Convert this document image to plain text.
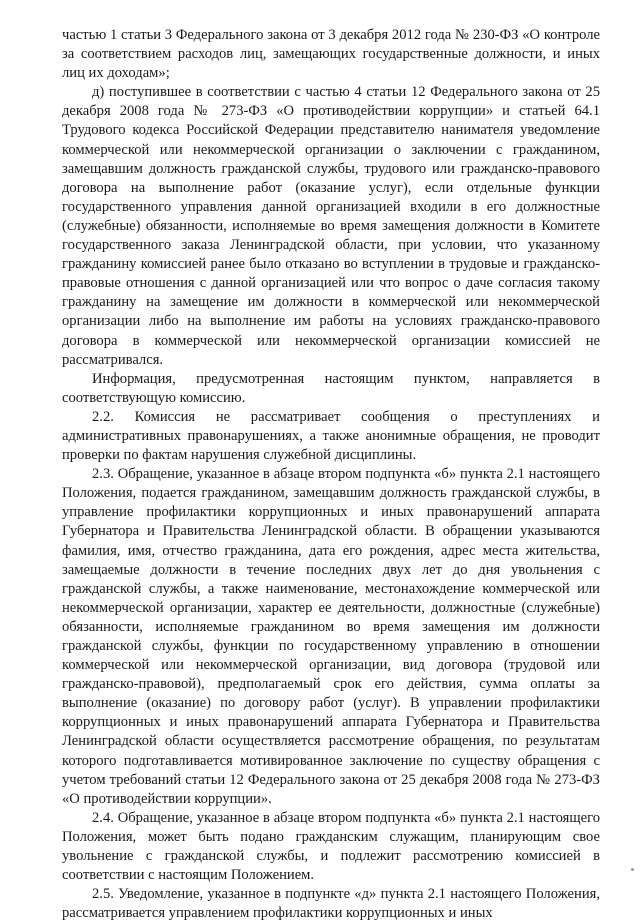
частью 1 статьи 3 Федерального закона от 3 декабря 2012 года № 230-ФЗ «О контроле за соответствием расходов лиц, замещающих государственные должности, и иных лиц их доходам»;

д) поступившее в соответствии с частью 4 статьи 12 Федерального закона от 25 декабря 2008 года № 273-ФЗ «О противодействии коррупции» и статьей 64.1 Трудового кодекса Российской Федерации представителю нанимателя уведомление коммерческой или некоммерческой организации о заключении с гражданином, замещавшим должность гражданской службы, трудового или гражданско-правового договора на выполнение работ (оказание услуг), если отдельные функции государственного управления данной организацией входили в его должностные (служебные) обязанности, исполняемые во время замещения должности в Комитете государственного заказа Ленинградской области, при условии, что указанному гражданину комиссией ранее было отказано во вступлении в трудовые и гражданско-правовые отношения с данной организацией или что вопрос о даче согласия такому гражданину на замещение им должности в коммерческой или некоммерческой организации либо на выполнение им работы на условиях гражданско-правового договора в коммерческой или некоммерческой организации комиссией не рассматривался.

Информация, предусмотренная настоящим пунктом, направляется в соответствующую комиссию.

2.2. Комиссия не рассматривает сообщения о преступлениях и административных правонарушениях, а также анонимные обращения, не проводит проверки по фактам нарушения служебной дисциплины.

2.3. Обращение, указанное в абзаце втором подпункта «б» пункта 2.1 настоящего Положения, подается гражданином, замещавшим должность гражданской службы, в управление профилактики коррупционных и иных правонарушений аппарата Губернатора и Правительства Ленинградской области. В обращении указываются фамилия, имя, отчество гражданина, дата его рождения, адрес места жительства, замещаемые должности в течение последних двух лет до дня увольнения с гражданской службы, а также наименование, местонахождение коммерческой или некоммерческой организации, характер ее деятельности, должностные (служебные) обязанности, исполняемые гражданином во время замещения им должности гражданской службы, функции по государственному управлению в отношении коммерческой или некоммерческой организации, вид договора (трудовой или гражданско-правовой), предполагаемый срок его действия, сумма оплаты за выполнение (оказание) по договору работ (услуг). В управлении профилактики коррупционных и иных правонарушений аппарата Губернатора и Правительства Ленинградской области осуществляется рассмотрение обращения, по результатам которого подготавливается мотивированное заключение по существу обращения с учетом требований статьи 12 Федерального закона от 25 декабря 2008 года № 273-ФЗ «О противодействии коррупции».

2.4. Обращение, указанное в абзаце втором подпункта «б» пункта 2.1 настоящего Положения, может быть подано гражданским служащим, планирующим свое увольнение с гражданской службы, и подлежит рассмотрению комиссией в соответствии с настоящим Положением.

2.5. Уведомление, указанное в подпункте «д» пункта 2.1 настоящего Положения, рассматривается управлением профилактики коррупционных и иных
